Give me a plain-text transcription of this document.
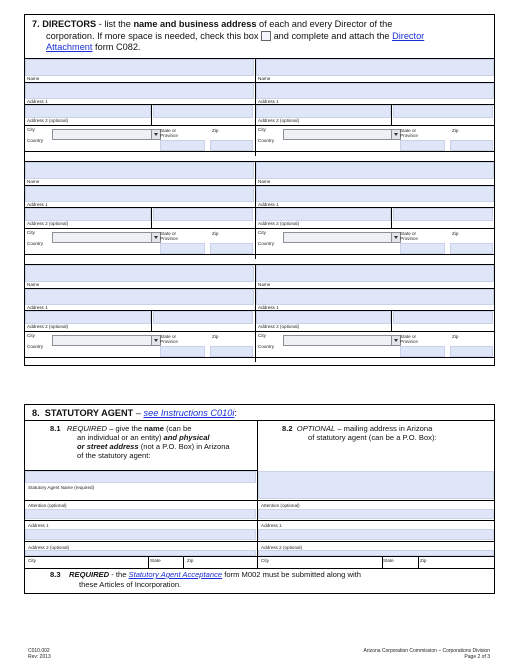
7. DIRECTORS - list the name and business address of each and every Director of the
corporation. If more space is needed, check this box  and complete and attach the Director
Attachment form C082.
Name
Address 1
Address 2 (optional)
City
Country
State or Province
Zip
Name
Address 1
Address 2 (optional)
City
Country
State or Province
Zip
Name
Address 1
Address 2 (optional)
City
Country
State or Province
Zip
Name
Address 1
Address 2 (optional)
City
Country
State or Province
Zip
Name
Address 1
Address 2 (optional)
City
Country
State or Province
Zip
Name
Address 1
Address 2 (optional)
City
Country
State or Province
Zip
8. STATUTORY AGENT – see Instructions C010i:
8.1 REQUIRED – give the name (can be
an individual or an entity) and physical
or street address (not a P.O. Box) in Arizona
of the statutory agent:
8.2 OPTIONAL – mailing address in Arizona
of statutory agent (can be a P.O. Box):
Statutory Agent Name (required)
Attention (optional)
Address 1
Address 2 (optional)
City	State	Zip
Attention (optional)
Address 1
Address 2 (optional)
City	State	Zip
8.3 REQUIRED - the Statutory Agent Acceptance form M002 must be submitted along with
these Articles of Incorporation.
C010.002
Rev: 2013
Arizona Corporation Commission – Corporations Division
Page 2 of 3
